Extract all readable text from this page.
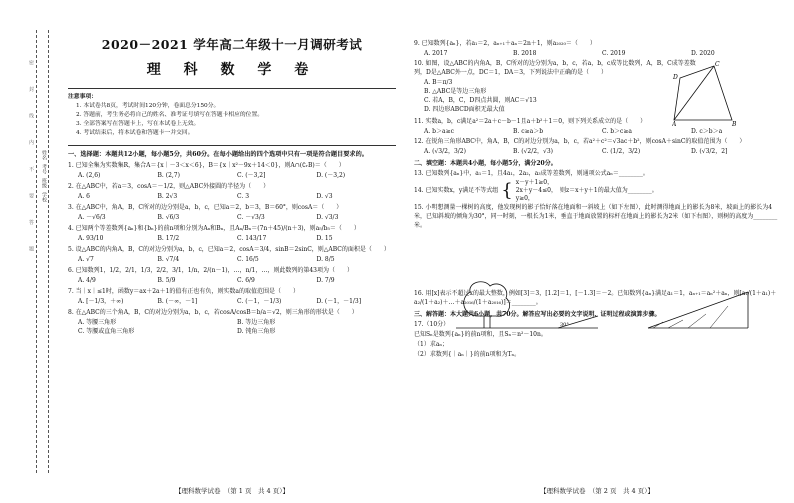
密 封 线 内 不 要 答 题	姓名
考号
班级
学校
2020－2021 学年高二年级十一月调研考试
理 科 数 学 卷
注意事项：
1. 本试卷共8页，考试时间120分钟，卷面总分150分。
2. 答题前，考生务必将自己的姓名、准考证号填写在答题卡相应的位置。
3. 全部答案写在答题卡上，写在本试卷上无效。
4. 考试结束后，将本试卷和答题卡一并交回。
一、选择题：本题共12小题，每小题5分，共60分。在每小题给出的四个选项中只有一项是符合题目要求的。
1. 已知全集为实数集R，集合A＝{x｜－3＜x＜6}，B＝{x｜x²－9x＋14＜0}，则A∩(∁ᵣB)＝（　　）
A. (2,6)	B. (2,7)	C. (－3,2]	D. (－3,2)
2. 在△ABC中，若a＝3，cosA＝－1/2，则△ABC外接圆的半径为（　　）
A. 6	B. 2√3	C. 3	D. √3
3. 在△ABC中，角A，B，C所对的边分别是a，b，c，已知a＝2，b＝3，B＝60°，则cosA＝（　　）
A. －√6/3	B. √6/3	C. －√3/3	D. √3/3
4. 已知两个等差数列{aₙ}和{bₙ}的前n项和分别为Aₙ和Bₙ，且Aₙ/Bₙ＝(7n＋45)/(n＋3)，则a₅/b₅＝（　　）
A. 93/10	B. 17/2	C. 143/17	D. 15
5. 设△ABC的内角A，B，C的对边分别为a，b，c，已知a＝2，cosA＝3/4，sinB＝2sinC，则△ABC的面积是（　　）
A. √7	B. √7/4	C. 16/5	D. 8/5
6. 已知数列1，1/2，2/1，1/3，2/2，3/1，1/n，2/(n－1)，…，n/1，…，则此数列的第43项为（　　）
A. 4/9	B. 5/9	C. 6/9	D. 7/9
7. 当｜x｜≤1时，函数y＝ax＋2a＋1的值有正也有负，则实数a的取值范围是（　　）
A. [－1/3，＋∞)	B. (－∞，－1]	C. (－1，－1/3)	D. (－1，－1/3]
8. 在△ABC的三个角A，B，C的对边分别为a，b，c，若cosA/cosB＝b/a＝√2，则三角形的形状是（　　）
A. 等腰三角形	B. 等边三角形
C. 等腰或直角三角形	D. 钝角三角形
【理科数学试卷　（第 1 页　共 4 页）】
9. 已知数列{aₙ}，若a₁＝2，aₙ₊₁＋aₙ＝2n＋1，则a₂₀₂₀＝（　　）
A. 2017	B. 2018	C. 2019	D. 2020
10. 如图，设△ABC的内角A，B，C所对的边分别为a，b，c，若a，b，c成等比数列，A，B，C成等差数列，D是△ABC外一点，DC＝1，DA＝3，下列说法中正确的是（　　）
A. B＝π/3
B. △ABC是等边三角形
C. 若A，B，C，D四点共圆，则AC＝√13
D. 四边形ABCD面积无最大值
D
C
A	B
11. 实数a，b，c满足a²＝2a＋c－b－1且a＋b²＋1＝0，则下列关系成立的是（　　）
A. b＞a≥c	B. c≥a＞b	C. b＞c≥a	D. c＞b＞a
12. 在锐角三角形ABC中，角A，B，C的对边分别为a，b，c，若a²＋c²＝√3ac＋b²，则cosA＋sinC的取值范围为（　　）
A. (√3/2，3/2)	B. (√2/2，√3)	C. (1/2，3/2)	D. (√3/2，2]
二、填空题：本题共4小题，每小题5分，满分20分。
13. 已知数列{aₙ}中，a₁＝1，且4a₁，2a₂，a₃成等差数列，则通项公式aₙ＝________。
14. 已知实数x，y满足不等式组 { x－y＋1≥0，
2x＋y－4≤0，
y≥0，
则z＝x＋y＋1的最大值为________。
15. 小明想测量一棵树的高度，他发现树的影子恰好落在地面和一斜坡上（如下左图），此时测得地面上的影长为8米，坡面上的影长为4米，已知斜坡的倾角为30°，同一时刻，一根长为1米，垂直于地面放置的标杆在地面上的影长为2米（如下右图），则树的高度为________米。
30°
16. 用[x]表示不超过x的最大整数，例如[3]＝3，[1.2]＝1，[－1.3]＝－2。已知数列{aₙ}满足a₁＝1，aₙ₊₁＝aₙ²＋aₙ，则[a₁/(1＋a₁)＋a₂/(1＋a₂)＋…＋a₂₀₁₆/(1＋a₂₀₁₆)]＝________。
三、解答题：本大题共6小题，共70分。解答应写出必要的文字说明、证明过程或演算步骤。
17.（10分）
已知Sₙ是数列{aₙ}的前n项和，且Sₙ＝n²－10n。
（1）求aₙ；
（2）求数列{｜aₙ｜}的前n项和为Tₙ。
【理科数学试卷　（第 2 页　共 4 页）】
